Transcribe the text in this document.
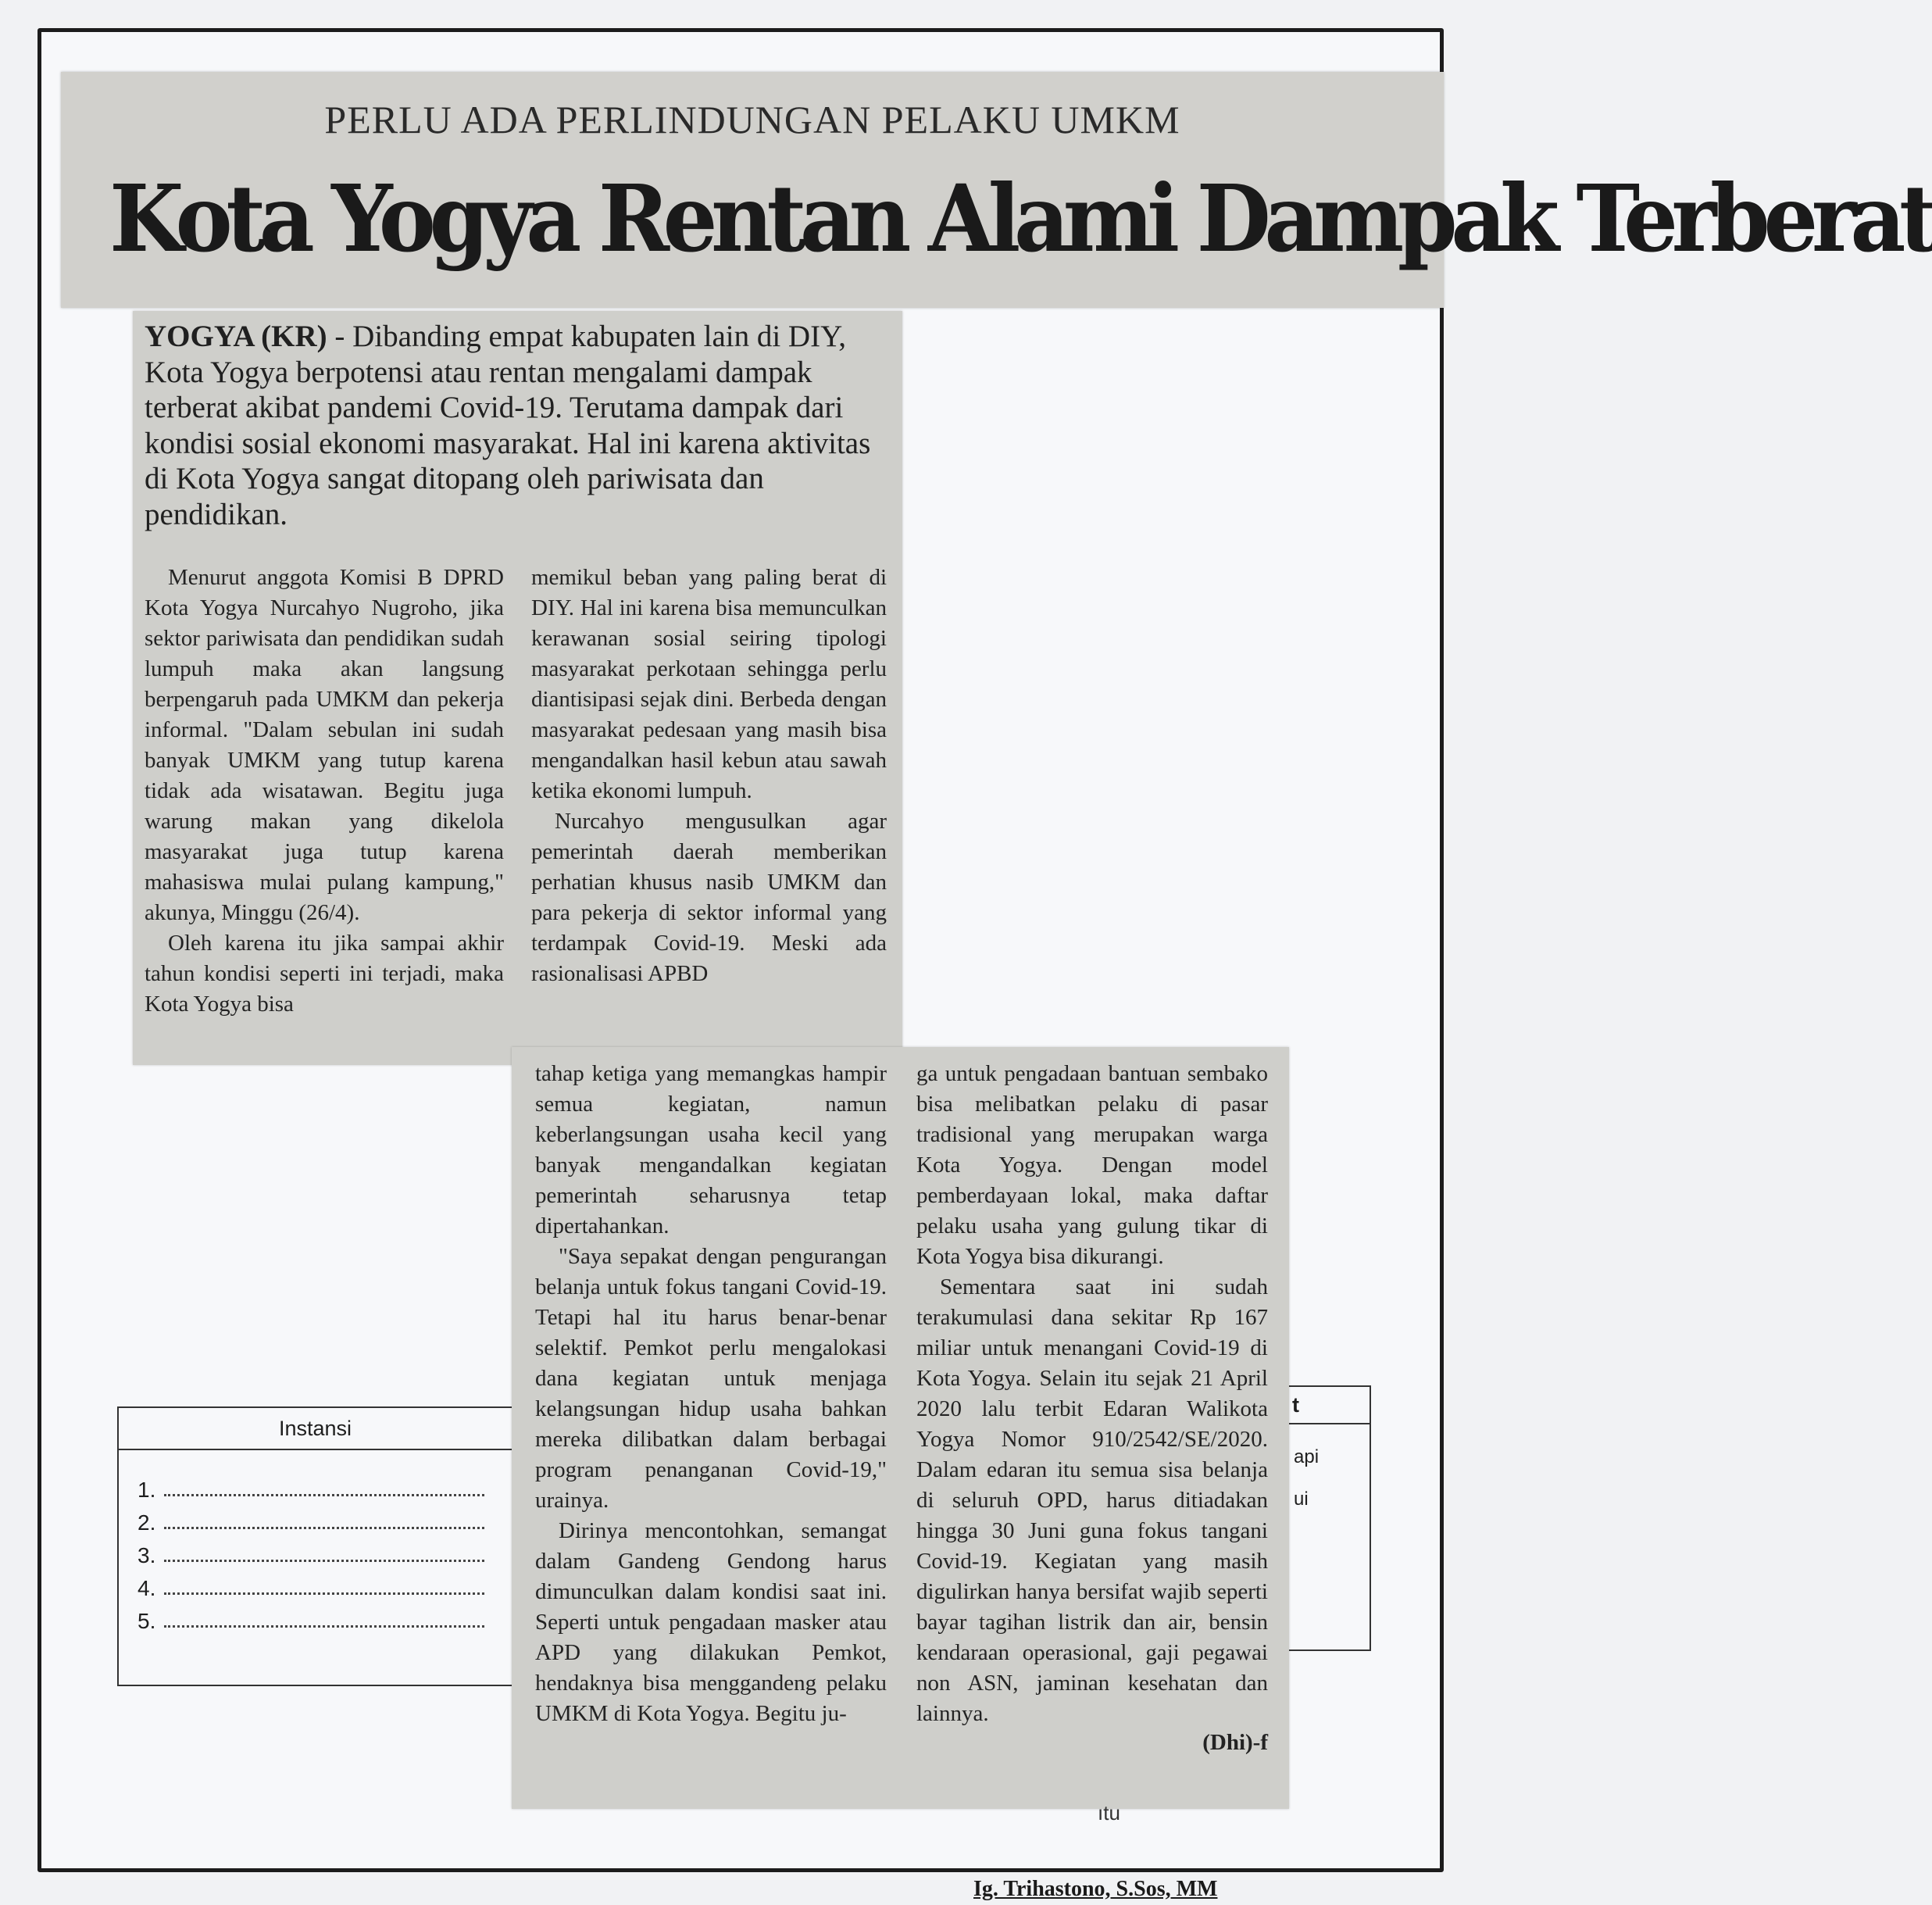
PERLU ADA PERLINDUNGAN PELAKU UMKM
Kota Yogya Rentan Alami Dampak Terberat
Instansi
1.
2.
3.
4.
5.
t
api
ui
YOGYA (KR) - Dibanding empat kabupaten lain di DIY, Kota Yogya berpotensi atau rentan mengalami dampak terberat akibat pandemi Covid-19. Terutama dampak dari kondisi sosial ekonomi masyarakat. Hal ini karena aktivitas di Kota Yogya sangat ditopang oleh pariwisata dan pendidikan.

Menurut anggota Komisi B DPRD Kota Yogya Nurcahyo Nugroho, jika sektor pariwisata dan pendidikan sudah lumpuh maka akan langsung berpengaruh pada UMKM dan pekerja informal. "Dalam sebulan ini sudah banyak UMKM yang tutup karena tidak ada wisatawan. Begitu juga warung makan yang dikelola masyarakat juga tutup karena mahasiswa mulai pulang kampung," akunya, Minggu (26/4).

Oleh karena itu jika sampai akhir tahun kondisi seperti ini terjadi, maka Kota Yogya bisa

memikul beban yang paling berat di DIY. Hal ini karena bisa memunculkan kerawanan sosial seiring tipologi masyarakat perkotaan sehingga perlu diantisipasi sejak dini. Berbeda dengan masyarakat pedesaan yang masih bisa mengandalkan hasil kebun atau sawah ketika ekonomi lumpuh.

Nurcahyo mengusulkan agar pemerintah daerah memberikan perhatian khusus nasib UMKM dan para pekerja di sektor informal yang terdampak Covid-19. Meski ada rasionalisasi APBD

tahap ketiga yang memangkas hampir semua kegiatan, namun keberlangsungan usaha kecil yang banyak mengandalkan kegiatan pemerintah seharusnya tetap dipertahankan.

"Saya sepakat dengan pengurangan belanja untuk fokus tangani Covid-19. Tetapi hal itu harus benar-benar selektif. Pemkot perlu mengalokasi dana kegiatan untuk menjaga kelangsungan hidup usaha bahkan mereka dilibatkan dalam berbagai program penanganan Covid-19," urainya.

Dirinya mencontohkan, semangat dalam Gandeng Gendong harus dimunculkan dalam kondisi saat ini. Seperti untuk pengadaan masker atau APD yang dilakukan Pemkot, hendaknya bisa menggandeng pelaku UMKM di Kota Yogya. Begitu ju-

ga untuk pengadaan bantuan sembako bisa melibatkan pelaku di pasar tradisional yang merupakan warga Kota Yogya. Dengan model pemberdayaan lokal, maka daftar pelaku usaha yang gulung tikar di Kota Yogya bisa dikurangi.

Sementara saat ini sudah terakumulasi dana sekitar Rp 167 miliar untuk menangani Covid-19 di Kota Yogya. Selain itu sejak 21 April 2020 lalu terbit Edaran Walikota Yogya Nomor 910/2542/SE/2020. Dalam edaran itu semua sisa belanja di seluruh OPD, harus ditiadakan hingga 30 Juni guna fokus tangani Covid-19. Kegiatan yang masih digulirkan hanya bersifat wajib seperti bayar tagihan listrik dan air, bensin kendaraan operasional, gaji pegawai non ASN, jaminan kesehatan dan lainnya.

(Dhi)-f
ıtu
Ig. Trihastono, S.Sos, MM
